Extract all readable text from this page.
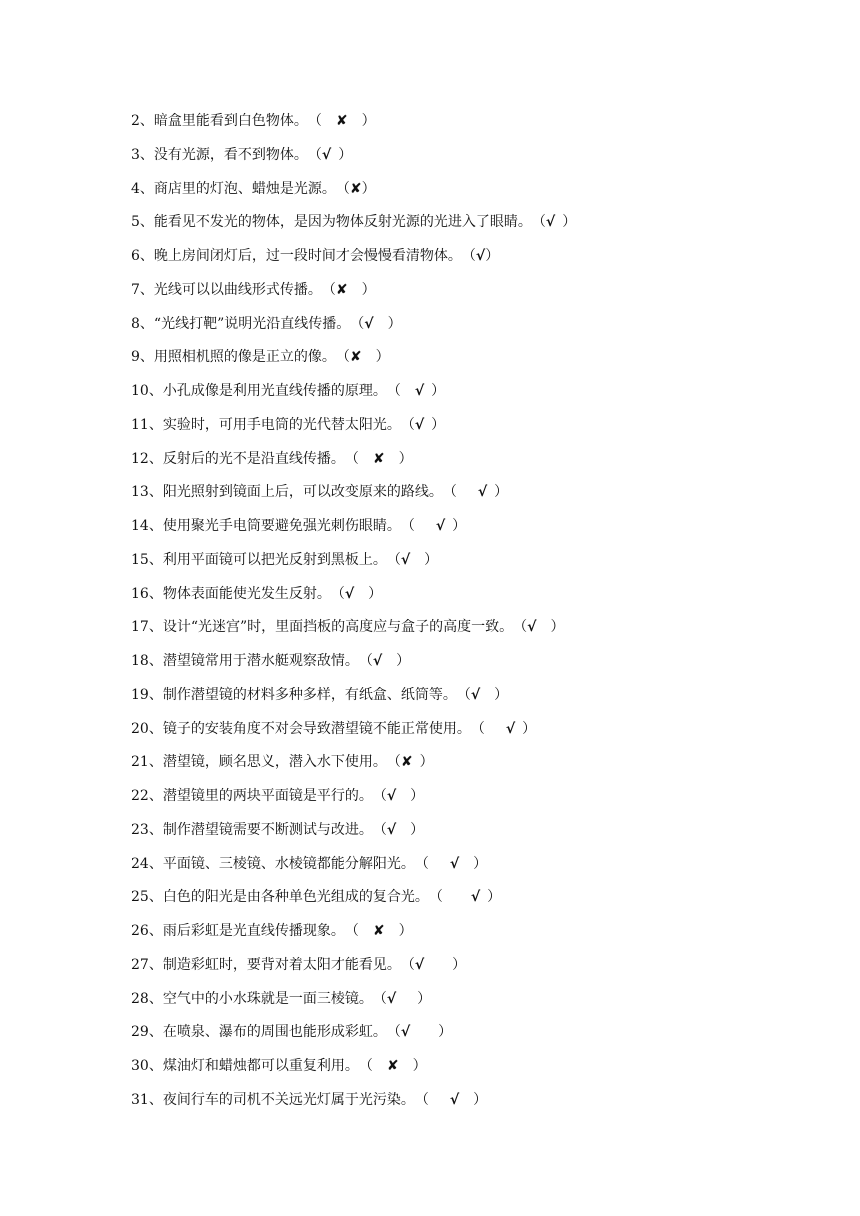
2、暗盒里能看到白色物体。（ ✘ ）
3、没有光源，看不到物体。（√ ）
4、商店里的灯泡、蜡烛是光源。（✘）
5、能看见不发光的物体，是因为物体反射光源的光进入了眼睛。（√ ）
6、晚上房间闭灯后，过一段时间才会慢慢看清物体。（√）
7、光线可以以曲线形式传播。（✘ ）
8、“光线打靶”说明光沿直线传播。（√ ）
9、用照相机照的像是正立的像。（✘ ）
10、小孔成像是利用光直线传播的原理。（ √ ）
11、实验时，可用手电筒的光代替太阳光。（√ ）
12、反射后的光不是沿直线传播。（ ✘ ）
13、阳光照射到镜面上后，可以改变原来的路线。（ √ ）
14、使用聚光手电筒要避免强光刺伤眼睛。（ √ ）
15、利用平面镜可以把光反射到黑板上。（√ ）
16、物体表面能使光发生反射。（√ ）
17、设计“光迷宫”时，里面挡板的高度应与盒子的高度一致。（√ ）
18、潜望镜常用于潜水艇观察敌情。（√ ）
19、制作潜望镜的材料多种多样，有纸盒、纸筒等。（√ ）
20、镜子的安装角度不对会导致潜望镜不能正常使用。（ √ ）
21、潜望镜，顾名思义，潜入水下使用。（✘ ）
22、潜望镜里的两块平面镜是平行的。（√ ）
23、制作潜望镜需要不断测试与改进。（√ ）
24、平面镜、三棱镜、水棱镜都能分解阳光。（ √ ）
25、白色的阳光是由各种单色光组成的复合光。（ √ ）
26、雨后彩虹是光直线传播现象。（ ✘ ）
27、制造彩虹时，要背对着太阳才能看见。（√ ）
28、空气中的小水珠就是一面三棱镜。（√ ）
29、在喷泉、瀑布的周围也能形成彩虹。（√ ）
30、煤油灯和蜡烛都可以重复利用。（ ✘ ）
31、夜间行车的司机不关远光灯属于光污染。（ √ ）
